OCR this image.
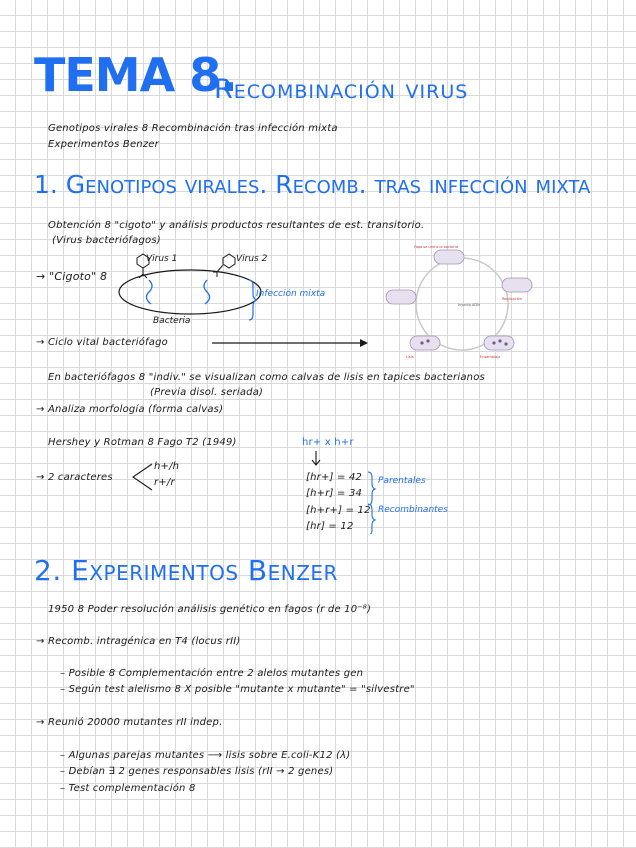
TEMA 8.
Recombinación virus
Genotipos virales 8 Recombinación tras infección mixta
Experimentos Benzer
1. Genotipos virales. Recomb. tras infección mixta
Obtención 8 "cigoto" y análisis productos resultantes de est. transitorio.
(Virus bacteriófagos)
→ "Cigoto" 8
Virus 1	Virus 2
Infección mixta
Bacteria
→ Ciclo vital bacteriófago
Fago se une a la bacteria
Inyecta ADN
Replicación
Ensamblaje
Lisis
En bacteriófagos 8 "indiv." se visualizan como calvas de lisis en tapices bacterianos
(Previa disol. seriada)
→ Analiza morfología (forma calvas)
Hershey y Rotman 8 Fago T2 (1949)	hr+ x h+r
→ 2 caracteres
h+/h
r+/r	[hr+] = 42
[h+r] = 34
[h+r+] = 12
[hr] = 12
Parentales
Recombinantes
2. Experimentos Benzer
1950 8 Poder resolución análisis genético en fagos (r de 10⁻⁸)
→ Recomb. intragénica en T4 (locus rII)
– Posible 8 Complementación entre 2 alelos mutantes gen
– Según test alelismo 8 X posible "mutante x mutante" = "silvestre"
→ Reunió 20000 mutantes rII indep.
– Algunas parejas mutantes ⟶ lisis sobre E.coli-K12 (λ)
– Debían ∃ 2 genes responsables lisis (rII → 2 genes)
– Test complementación 8
